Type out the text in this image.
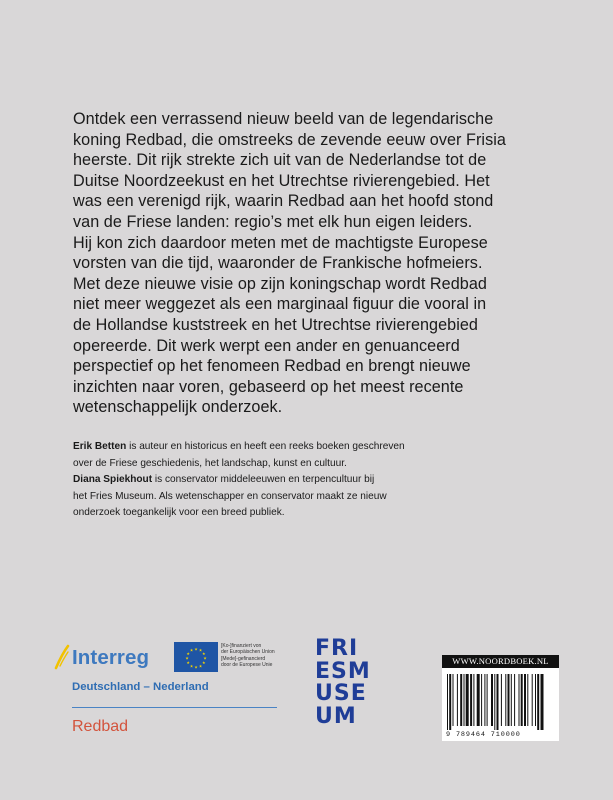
Ontdek een verrassend nieuw beeld van de legendarische
koning Redbad, die omstreeks de zevende eeuw over Frisia
heerste. Dit rijk strekte zich uit van de Nederlandse tot de
Duitse Noordzeekust en het Utrechtse rivierengebied. Het
was een verenigd rijk, waarin Redbad aan het hoofd stond
van de Friese landen: regio’s met elk hun eigen leiders.
Hij kon zich daardoor meten met de machtigste Europese
vorsten van die tijd, waaronder de Frankische hofmeiers.
Met deze nieuwe visie op zijn koningschap wordt Redbad
niet meer weggezet als een marginaal figuur die vooral in
de Hollandse kuststreek en het Utrechtse rivierengebied
opereerde. Dit werk werpt een ander en genuanceerd
perspectief op het fenomeen Redbad en brengt nieuwe
inzichten naar voren, gebaseerd op het meest recente
wetenschappelijk onderzoek.
Erik Betten is auteur en historicus en heeft een reeks boeken geschreven
over de Friese geschiedenis, het landschap, kunst en cultuur.
Diana Spiekhout is conservator middeleeuwen en terpencultuur bij
het Fries Museum. Als wetenschapper en conservator maakt ze nieuw
onderzoek toegankelijk voor een breed publiek.
Interreg	★ ★
★
★
★
★
★
★
★
★
★
★
[Ko-]finanziert von
der Europäischen Union
[Mede]-gefinancierd
door de Europese Unie
Deutschland – Nederland
Redbad
FRI
ESM
USE
UM
WWW.NOORDBOEK.NL
9 789464 710000
